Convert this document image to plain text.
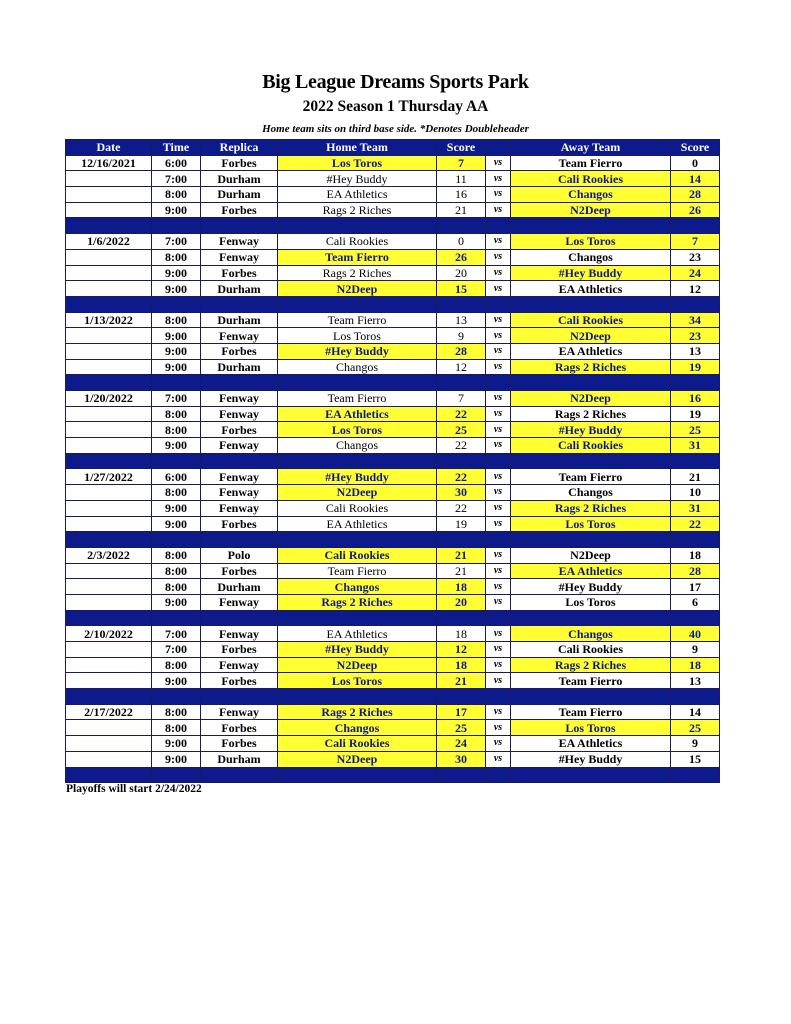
Big League Dreams Sports Park
2022 Season 1 Thursday AA
Home team sits on third base side. *Denotes Doubleheader
Date	Time	Replica	Home Team	Score		Away Team	Score
12/16/2021	6:00	Forbes	Los Toros	7	vs	Team Fierro	0
	7:00	Durham	#Hey Buddy	11	vs	Cali Rookies	14
	8:00	Durham	EA Athletics	16	vs	Changos	28
	9:00	Forbes	Rags 2 Riches	21	vs	N2Deep	26

1/6/2022	7:00	Fenway	Cali Rookies	0	vs	Los Toros	7
	8:00	Fenway	Team Fierro	26	vs	Changos	23
	9:00	Forbes	Rags 2 Riches	20	vs	#Hey Buddy	24
	9:00	Durham	N2Deep	15	vs	EA Athletics	12

1/13/2022	8:00	Durham	Team Fierro	13	vs	Cali Rookies	34
	9:00	Fenway	Los Toros	9	vs	N2Deep	23
	9:00	Forbes	#Hey Buddy	28	vs	EA Athletics	13
	9:00	Durham	Changos	12	vs	Rags 2 Riches	19

1/20/2022	7:00	Fenway	Team Fierro	7	vs	N2Deep	16
	8:00	Fenway	EA Athletics	22	vs	Rags 2 Riches	19
	8:00	Forbes	Los Toros	25	vs	#Hey Buddy	25
	9:00	Fenway	Changos	22	vs	Cali Rookies	31

1/27/2022	6:00	Fenway	#Hey Buddy	22	vs	Team Fierro	21
	8:00	Fenway	N2Deep	30	vs	Changos	10
	9:00	Fenway	Cali Rookies	22	vs	Rags 2 Riches	31
	9:00	Forbes	EA Athletics	19	vs	Los Toros	22

2/3/2022	8:00	Polo	Cali Rookies	21	vs	N2Deep	18
	8:00	Forbes	Team Fierro	21	vs	EA Athletics	28
	8:00	Durham	Changos	18	vs	#Hey Buddy	17
	9:00	Fenway	Rags 2 Riches	20	vs	Los Toros	6

2/10/2022	7:00	Fenway	EA Athletics	18	vs	Changos	40
	7:00	Forbes	#Hey Buddy	12	vs	Cali Rookies	9
	8:00	Fenway	N2Deep	18	vs	Rags 2 Riches	18
	9:00	Forbes	Los Toros	21	vs	Team Fierro	13

2/17/2022	8:00	Fenway	Rags 2 Riches	17	vs	Team Fierro	14
	8:00	Forbes	Changos	25	vs	Los Toros	25
	9:00	Forbes	Cali Rookies	24	vs	EA Athletics	9
	9:00	Durham	N2Deep	30	vs	#Hey Buddy	15

Playoffs will start 2/24/2022
